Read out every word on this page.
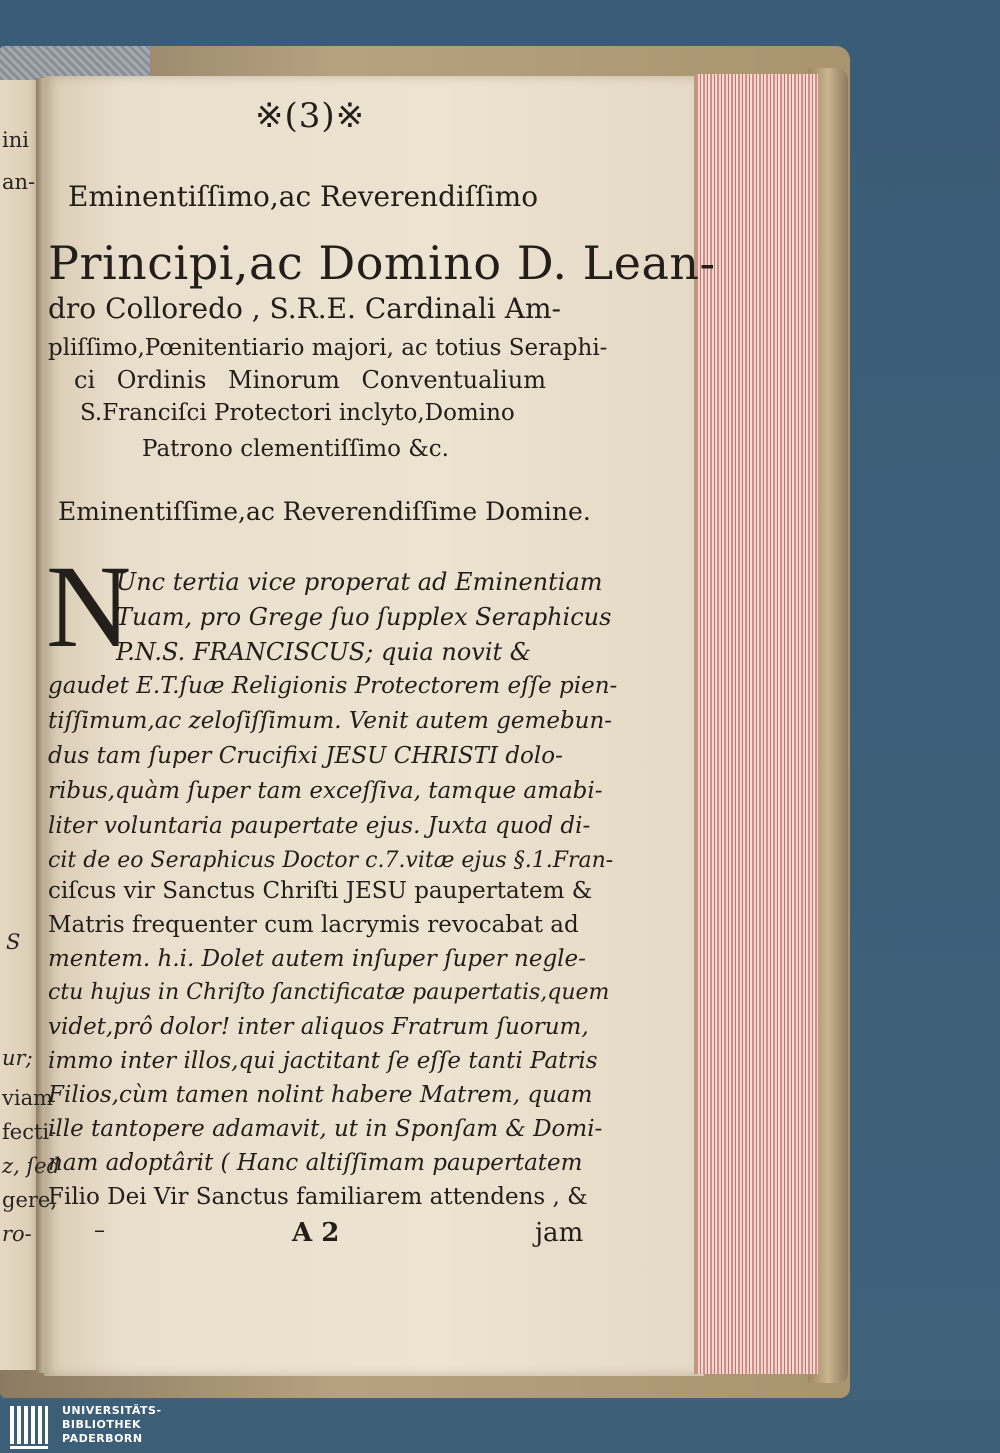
ini
an-
S
ur;
viam
fecti-
z, ſed
gere,
ro-
※(3)※
Eminentiſſimo,ac Reverendiſſimo
Principi,ac Domino D. Lean-
dro Colloredo , S.R.E. Cardinali Am-
pliſſimo,Pœnitentiario majori, ac totius Seraphi-
ci Ordinis Minorum Conventualium
S.Franciſci Protectori inclyto,Domino
Patrono clementiſſimo &c.
Eminentiſſime,ac Reverendiſſime Domine.
N
Unc tertia vice properat ad Eminentiam
Tuam, pro Grege ſuo ſupplex Seraphicus
P.N.S. FRANCISCUS; quia novit &
gaudet E.T.ſuæ Religionis Protectorem eſſe pien-
tiſſimum,ac zeloſiſſimum. Venit autem gemebun-
dus tam ſuper Crucifixi JESU CHRISTI dolo-
ribus,quàm ſuper tam exceſſiva, tamque amabi-
liter voluntaria paupertate ejus. Juxta quod di-
cit de eo Seraphicus Doctor c.7.vitæ ejus §.1.Fran-
ciſcus vir Sanctus Chriſti JESU paupertatem &
Matris frequenter cum lacrymis revocabat ad
mentem. h.i. Dolet autem inſuper ſuper negle-
ctu hujus in Chriſto ſanctificatæ paupertatis,quem
videt,prô dolor! inter aliquos Fratrum ſuorum,
immo inter illos,qui jactitant ſe eſſe tanti Patris
Filios,cùm tamen nolint habere Matrem, quam
ille tantopere adamavit, ut in Sponſam & Domi-
nam adoptârit ( Hanc altiſſimam paupertatem
Filio Dei Vir Sanctus familiarem attendens , &
–	A 2	jam
UNIVERSITÄTS-
BIBLIOTHEK
PADERBORN
